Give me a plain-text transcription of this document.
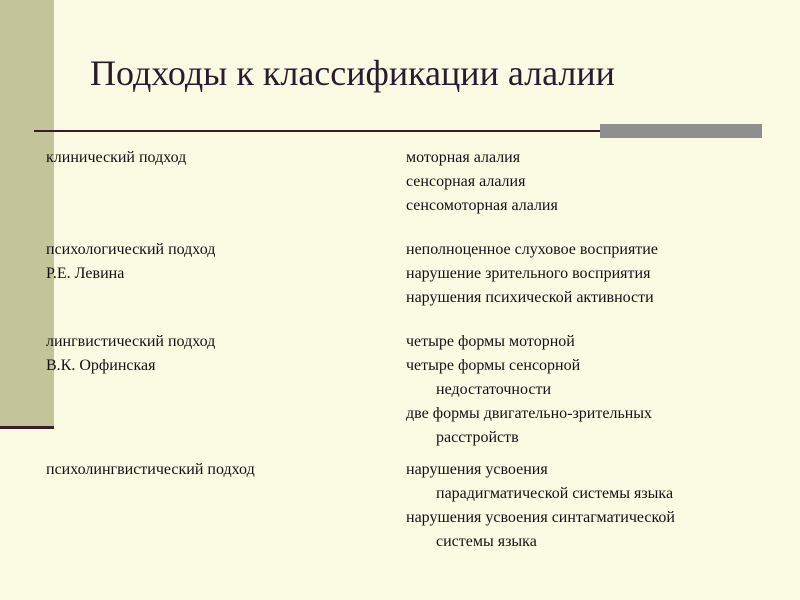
Подходы к классификации алалии

клинический подход	моторная алалия

сенсорная алалия

сенсомоторная алалия

психологический подход

Р.Е. Левина

неполноценное слуховое восприятие

нарушение зрительного восприятия

нарушения психической активности

лингвистический подход

В.К. Орфинская

четыре формы моторной

четыре формы сенсорной

недостаточности

две формы двигательно-зрительных

расстройств

психолингвистический подход	нарушения усвоения

парадигматической системы языка

нарушения усвоения синтагматической

системы языка
